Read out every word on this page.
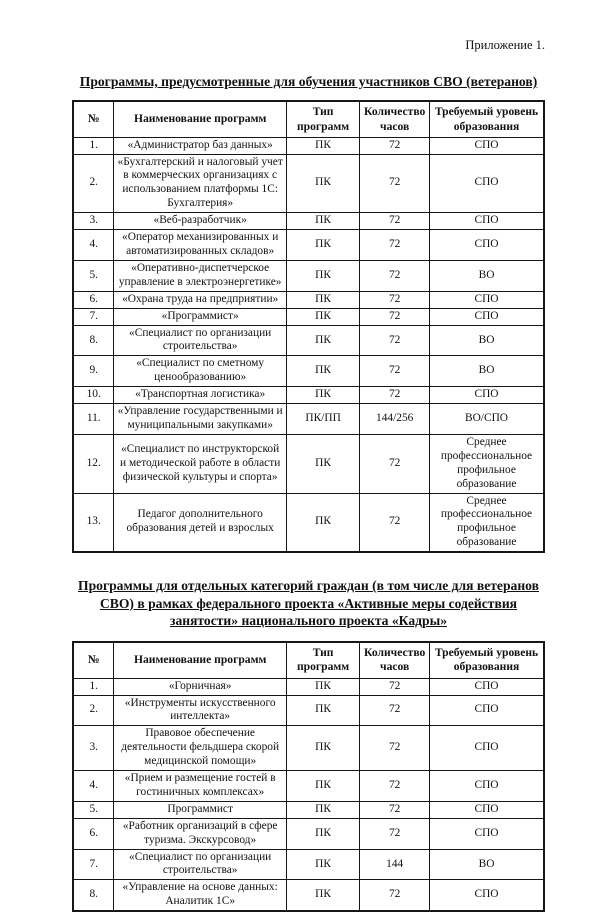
Приложение 1.

Программы, предусмотренные для обучения участников СВО (ветеранов)
№	Наименование программ	Тип программ	Количество часов	Требуемый уровень образования
1.	«Администратор баз данных»	ПК	72	СПО
2.	«Бухгалтерский и налоговый учет в коммерческих организациях с использованием платформы 1С: Бухгалтерия»	ПК	72	СПО
3.	«Веб-разработчик»	ПК	72	СПО
4.	«Оператор механизированных и автоматизированных складов»	ПК	72	СПО
5.	«Оперативно-диспетчерское управление в электроэнергетике»	ПК	72	ВО
6.	«Охрана труда на предприятии»	ПК	72	СПО
7.	«Программист»	ПК	72	СПО
8.	«Специалист по организации строительства»	ПК	72	ВО
9.	«Специалист по сметному ценообразованию»	ПК	72	ВО
10.	«Транспортная логистика»	ПК	72	СПО
11.	«Управление государственными и муниципальными закупками»	ПК/ПП	144/256	ВО/СПО
12.	«Специалист по инструкторской и методической работе в области физической культуры и спорта»	ПК	72	Среднее профессиональное профильное образование
13.	Педагог дополнительного образования детей и взрослых	ПК	72	Среднее профессиональное профильное образование
Программы для отдельных категорий граждан (в том числе для ветеранов СВО) в рамках федерального проекта «Активные меры содействия занятости» национального проекта «Кадры»
№	Наименование программ	Тип программ	Количество часов	Требуемый уровень образования
1.	«Горничная»	ПК	72	СПО
2.	«Инструменты искусственного интеллекта»	ПК	72	СПО
3.	Правовое обеспечение деятельности фельдшера скорой медицинской помощи»	ПК	72	СПО
4.	«Прием и размещение гостей в гостиничных комплексах»	ПК	72	СПО
5.	Программист	ПК	72	СПО
6.	«Работник организаций в сфере туризма. Экскурсовод»	ПК	72	СПО
7.	«Специалист по организации строительства»	ПК	144	ВО
8.	«Управление на основе данных: Аналитик 1С»	ПК	72	СПО
